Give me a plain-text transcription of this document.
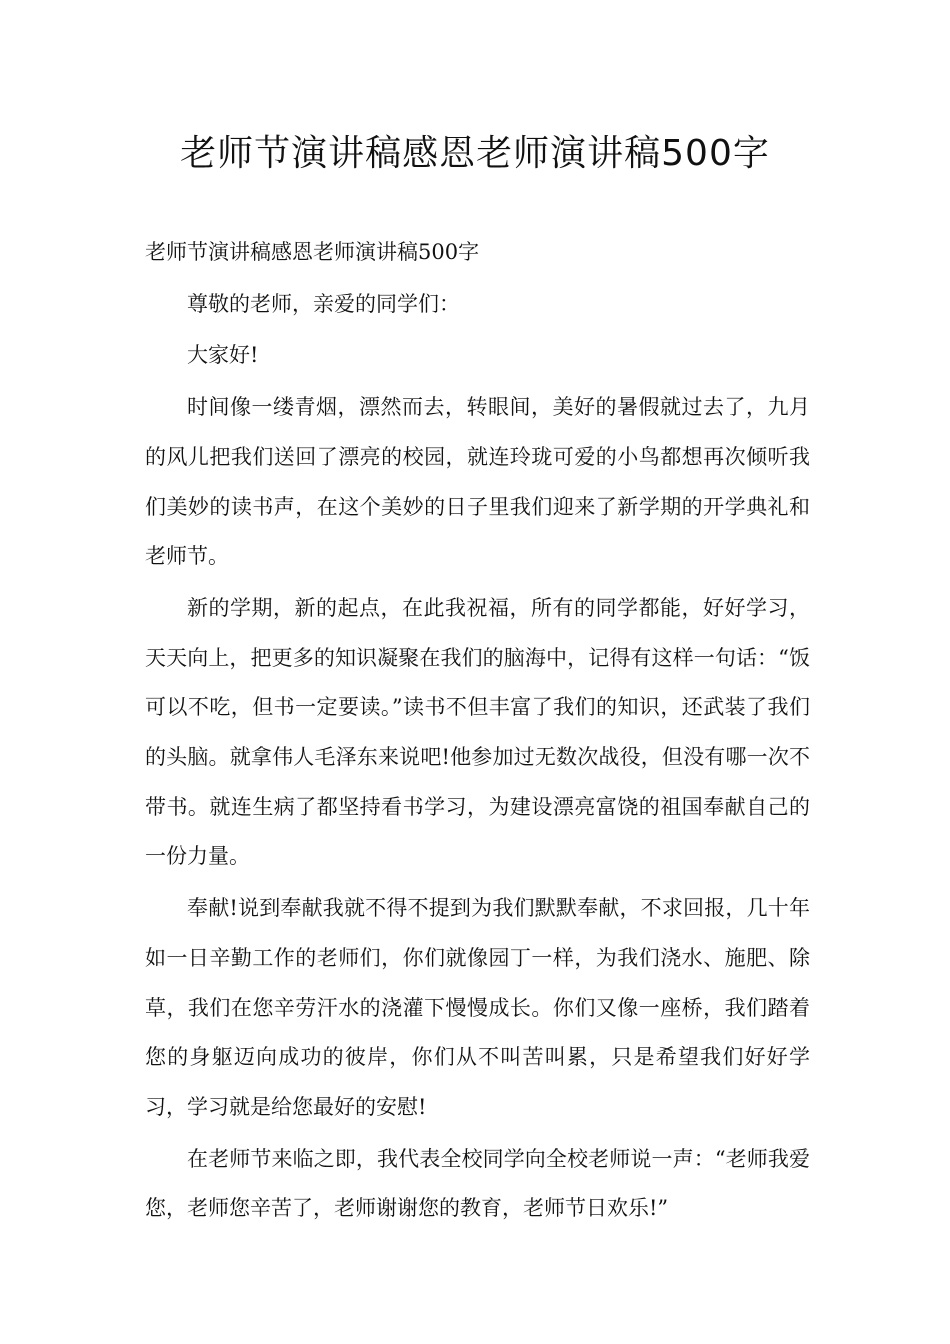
老师节演讲稿感恩老师演讲稿500字

老师节演讲稿感恩老师演讲稿500字

尊敬的老师，亲爱的同学们：

大家好!

时间像一缕青烟，漂然而去，转眼间，美好的暑假就过去了，九月的风儿把我们送回了漂亮的校园，就连玲珑可爱的小鸟都想再次倾听我们美妙的读书声，在这个美妙的日子里我们迎来了新学期的开学典礼和老师节。

新的学期，新的起点，在此我祝福，所有的同学都能，好好学习，天天向上，把更多的知识凝聚在我们的脑海中，记得有这样一句话：“饭可以不吃，但书一定要读。”读书不但丰富了我们的知识，还武装了我们的头脑。就拿伟人毛泽东来说吧!他参加过无数次战役，但没有哪一次不带书。就连生病了都坚持看书学习，为建设漂亮富饶的祖国奉献自己的一份力量。

奉献!说到奉献我就不得不提到为我们默默奉献，不求回报，几十年如一日辛勤工作的老师们，你们就像园丁一样，为我们浇水、施肥、除草，我们在您辛劳汗水的浇灌下慢慢成长。你们又像一座桥，我们踏着您的身躯迈向成功的彼岸，你们从不叫苦叫累，只是希望我们好好学习，学习就是给您最好的安慰!

在老师节来临之即，我代表全校同学向全校老师说一声：“老师我爱您，老师您辛苦了，老师谢谢您的教育，老师节日欢乐!”
